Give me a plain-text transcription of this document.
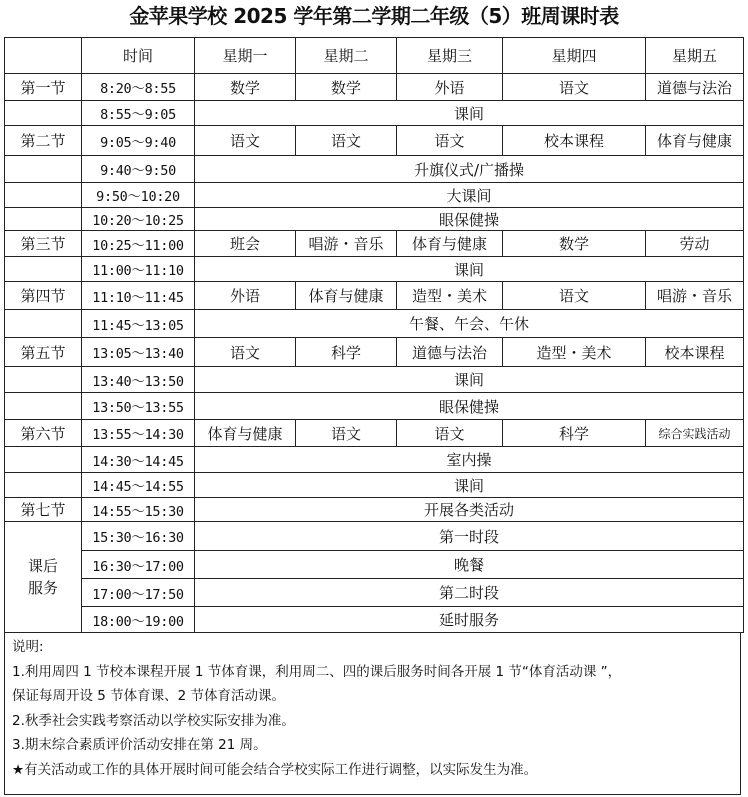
金苹果学校 2025 学年第二学期二年级（5）班周课时表
	时间	星期一	星期二	星期三	星期四	星期五
第一节	8:20～8:55	数学	数学	外语	语文	道德与法治
	8:55～9:05	课间				
第二节	9:05～9:40	语文	语文	语文	校本课程	体育与健康
	9:40～9:50	升旗仪式/广播操				
	9:50～10:20	大课间				
	10:20～10:25	眼保健操				
第三节	10:25～11:00	班会	唱游・音乐	体育与健康	数学	劳动
	11:00～11:10	课间				
第四节	11:10～11:45	外语	体育与健康	造型・美术	语文	唱游・音乐
	11:45～13:05	午餐、午会、午休				
第五节	13:05～13:40	语文	科学	道德与法治	造型・美术	校本课程
	13:40～13:50	课间				
	13:50～13:55	眼保健操				
第六节	13:55～14:30	体育与健康	语文	语文	科学	综合实践活动
	14:30～14:45	室内操				
	14:45～14:55	课间				
第七节	14:55～15:30	开展各类活动				

课后
服务	15:30～16:30	第一时段				
	16:30～17:00	晚餐				
	17:00～17:50	第二时段				
	18:00～19:00	延时服务				
说明:
1.利用周四 1 节校本课程开展 1 节体育课，利用周二、四的课后服务时间各开展 1 节“体育活动课 ”，
保证每周开设 5 节体育课、2 节体育活动课。
2.秋季社会实践考察活动以学校实际安排为准。
3.期末综合素质评价活动安排在第 21 周。
★有关活动或工作的具体开展时间可能会结合学校实际工作进行调整，以实际发生为准。
